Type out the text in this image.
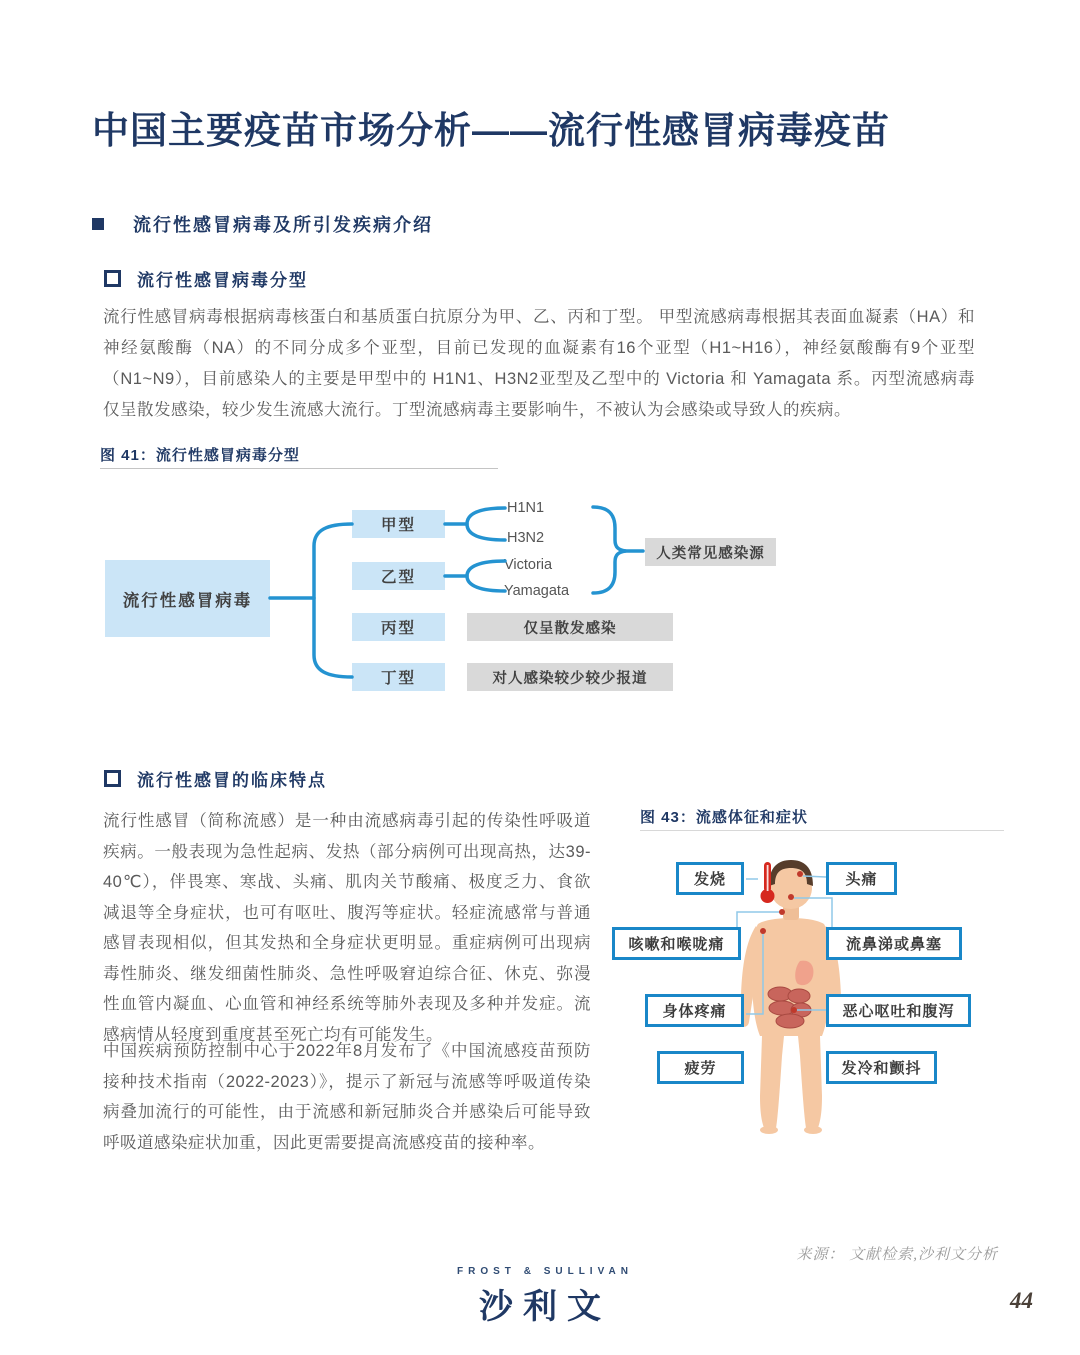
中国主要疫苗市场分析——流行性感冒病毒疫苗
流行性感冒病毒及所引发疾病介绍
流行性感冒病毒分型
流行性感冒病毒根据病毒核蛋白和基质蛋白抗原分为甲、乙、丙和丁型。 甲型流感病毒根据其表面血凝素（HA）和神经氨酸酶（NA）的不同分成多个亚型，目前已发现的血凝素有16个亚型（H1~H16），神经氨酸酶有9个亚型（N1~N9），目前感染人的主要是甲型中的 H1N1、H3N2亚型及乙型中的 Victoria 和 Yamagata 系。丙型流感病毒仅呈散发感染，较少发生流感大流行。丁型流感病毒主要影响牛，不被认为会感染或导致人的疾病。
图 41：流行性感冒病毒分型
流行性感冒病毒
甲型
乙型
丙型
丁型
H1N1
H3N2
Victoria
Yamagata
人类常见感染源
仅呈散发感染
对人感染较少较少报道
流行性感冒的临床特点
流行性感冒（简称流感）是一种由流感病毒引起的传染性呼吸道疾病。一般表现为急性起病、发热（部分病例可出现高热，达39-40℃），伴畏寒、寒战、头痛、肌肉关节酸痛、极度乏力、食欲减退等全身症状，也可有呕吐、腹泻等症状。轻症流感常与普通感冒表现相似，但其发热和全身症状更明显。重症病例可出现病毒性肺炎、继发细菌性肺炎、急性呼吸窘迫综合征、休克、弥漫性血管内凝血、心血管和神经系统等肺外表现及多种并发症。流感病情从轻度到重度甚至死亡均有可能发生。
中国疾病预防控制中心于2022年8月发布了《中国流感疫苗预防接种技术指南（2022-2023）》，提示了新冠与流感等呼吸道传染病叠加流行的可能性，由于流感和新冠肺炎合并感染后可能导致呼吸道感染症状加重，因此更需要提高流感疫苗的接种率。
图 43：流感体征和症状
发烧	头痛
咳嗽和喉咙痛	流鼻涕或鼻塞
身体疼痛	恶心呕吐和腹泻
疲劳	发冷和颤抖
来源： 文献检索,沙利文分析
FROST & SULLIVAN
沙利文	44
